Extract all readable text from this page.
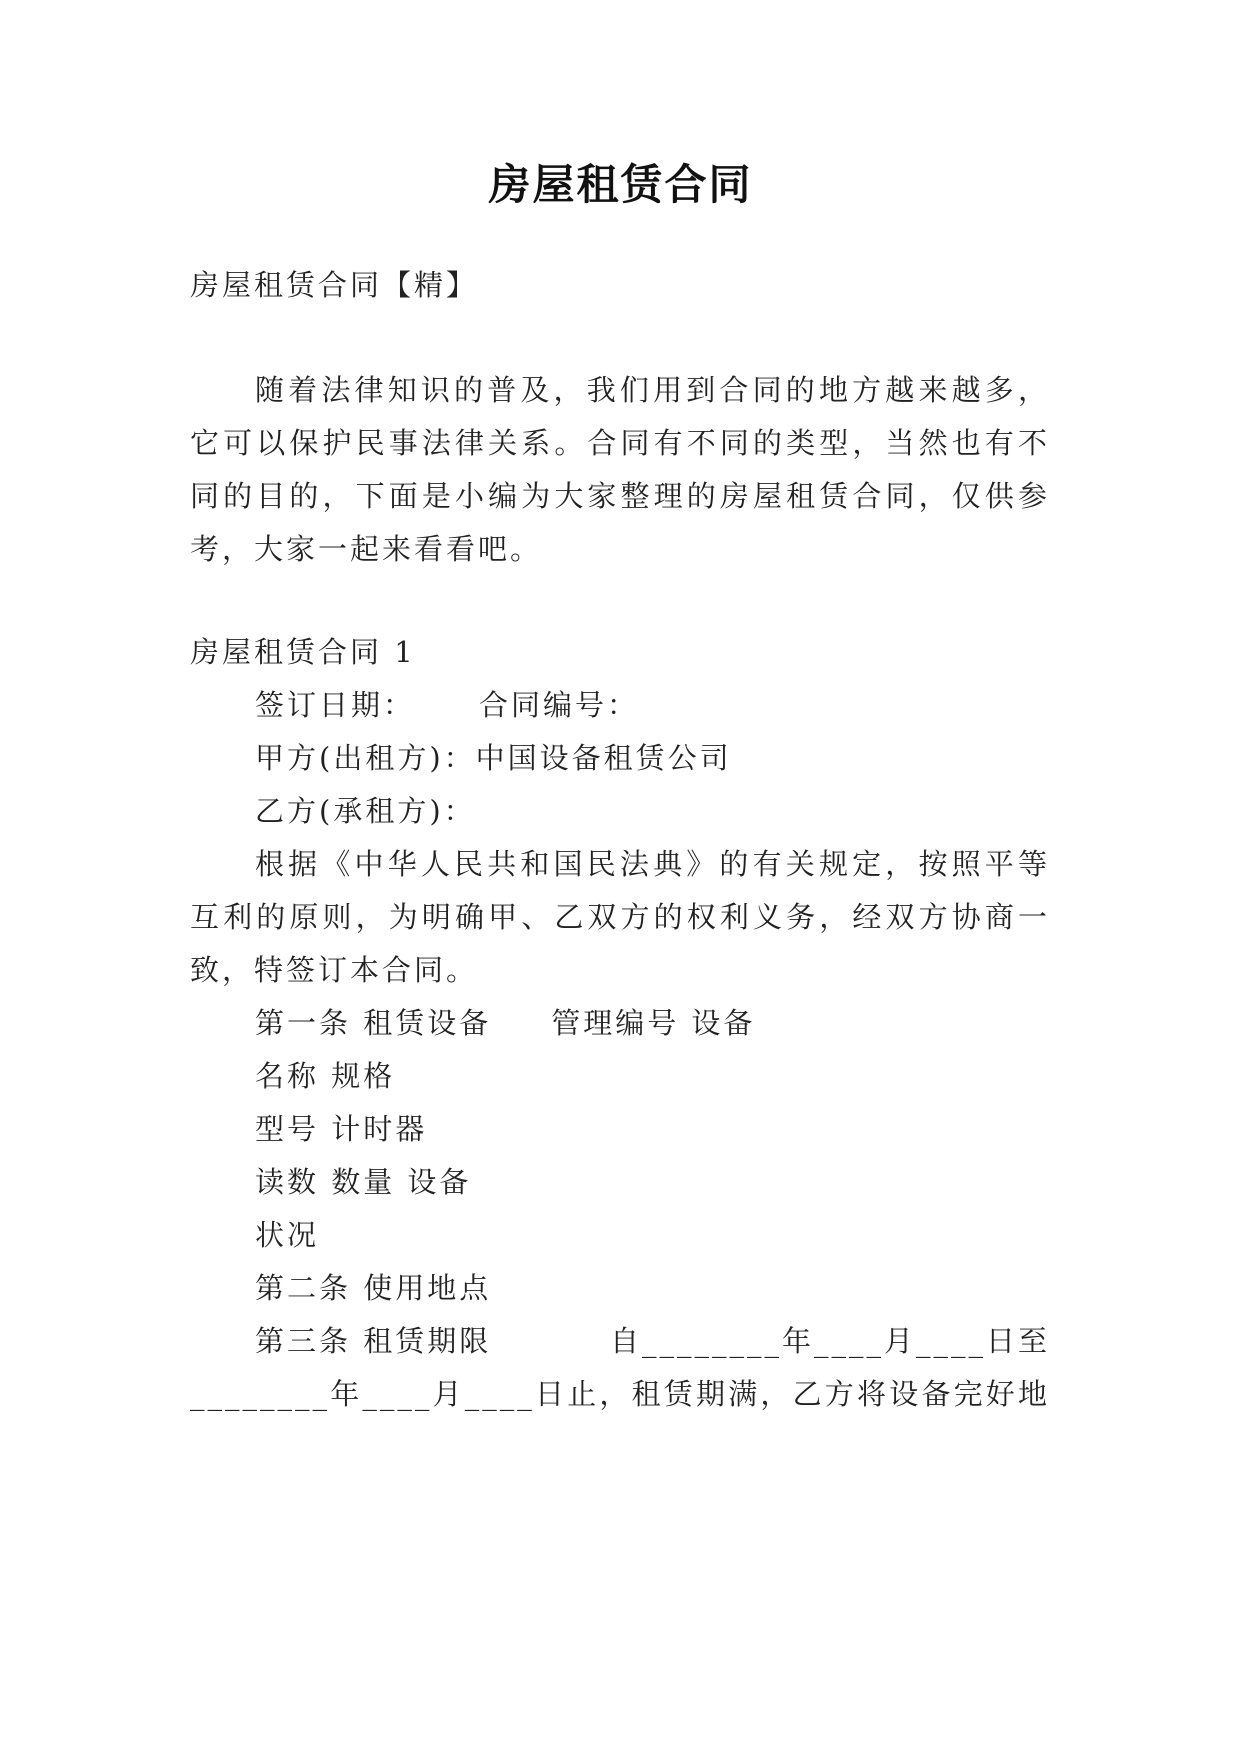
房屋租赁合同
房屋租赁合同【精】
随着法律知识的普及，我们用到合同的地方越来越多，
它可以保护民事法律关系。合同有不同的类型，当然也有不
同的目的，下面是小编为大家整理的房屋租赁合同，仅供参
考，大家一起来看看吧。
房屋租赁合同 1
签订日期： 合同编号：
甲方(出租方)：中国设备租赁公司
乙方(承租方)：
根据《中华人民共和国民法典》的有关规定，按照平等
互利的原则，为明确甲、乙双方的权利义务，经双方协商一
致，特签订本合同。
第一条 租赁设备 管理编号 设备
名称 规格
型号 计时器
读数 数量 设备
状况
第二条 使用地点
第三条 租赁期限	自________年____月____日至
________年____月____日止，租赁期满，乙方将设备完好地
